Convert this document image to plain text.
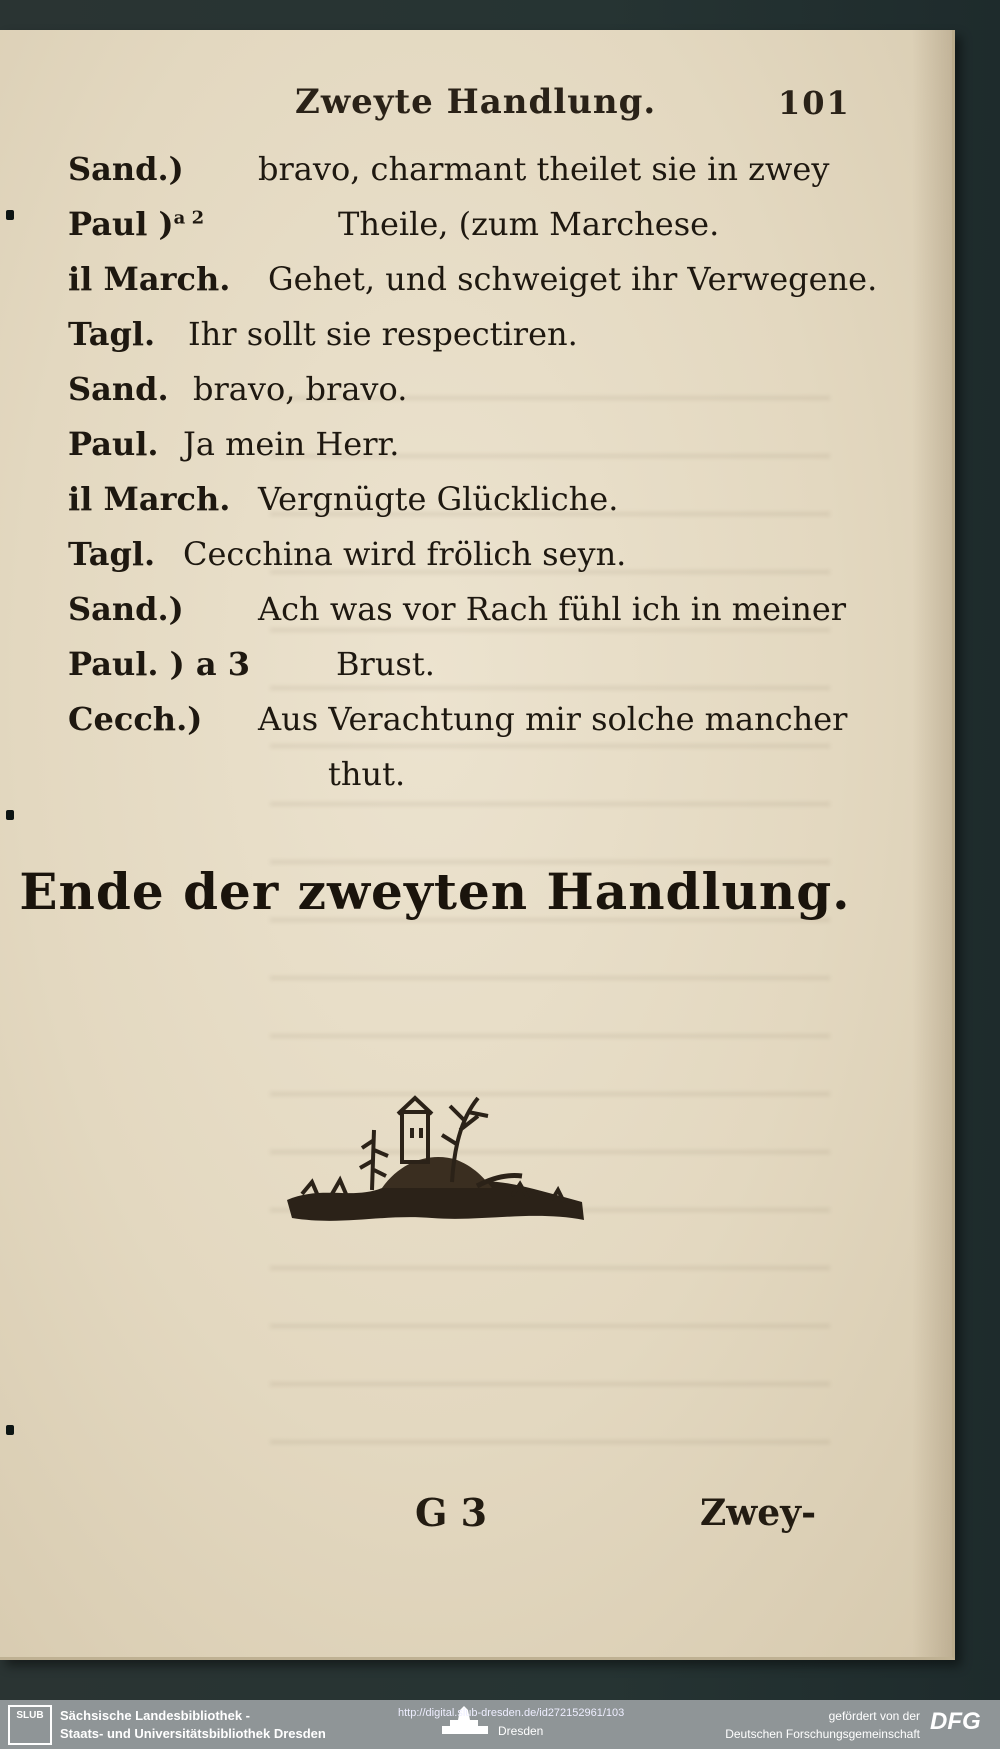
Zweyte Handlung.	101
Sand.) bravo, charmant theilet sie in zwey
Paul )$^{a 2}$	Theile, (zum Marchese.
il March. Gehet, und schweiget ihr Verwegene.
Tagl. Ihr sollt sie respectiren.
Sand. bravo, bravo.
Paul. Ja mein Herr.
il March. Vergnügte Glückliche.
Tagl. Cecchina wird frölich seyn.
Sand.) Ach was vor Rach fühl ich in meiner
Paul. ) a 3	Brust.
Cecch.) Aus Verachtung mir solche mancher
thut.
Ende der zweyten Handlung.
G 3	Zwey-
SLUB	Sächsische Landesbibliothek -
Staats- und Universitätsbibliothek Dresden
http://digital.slub-dresden.de/id272152961/103
Dresden
gefördert von der
Deutschen Forschungsgemeinschaft DFG
